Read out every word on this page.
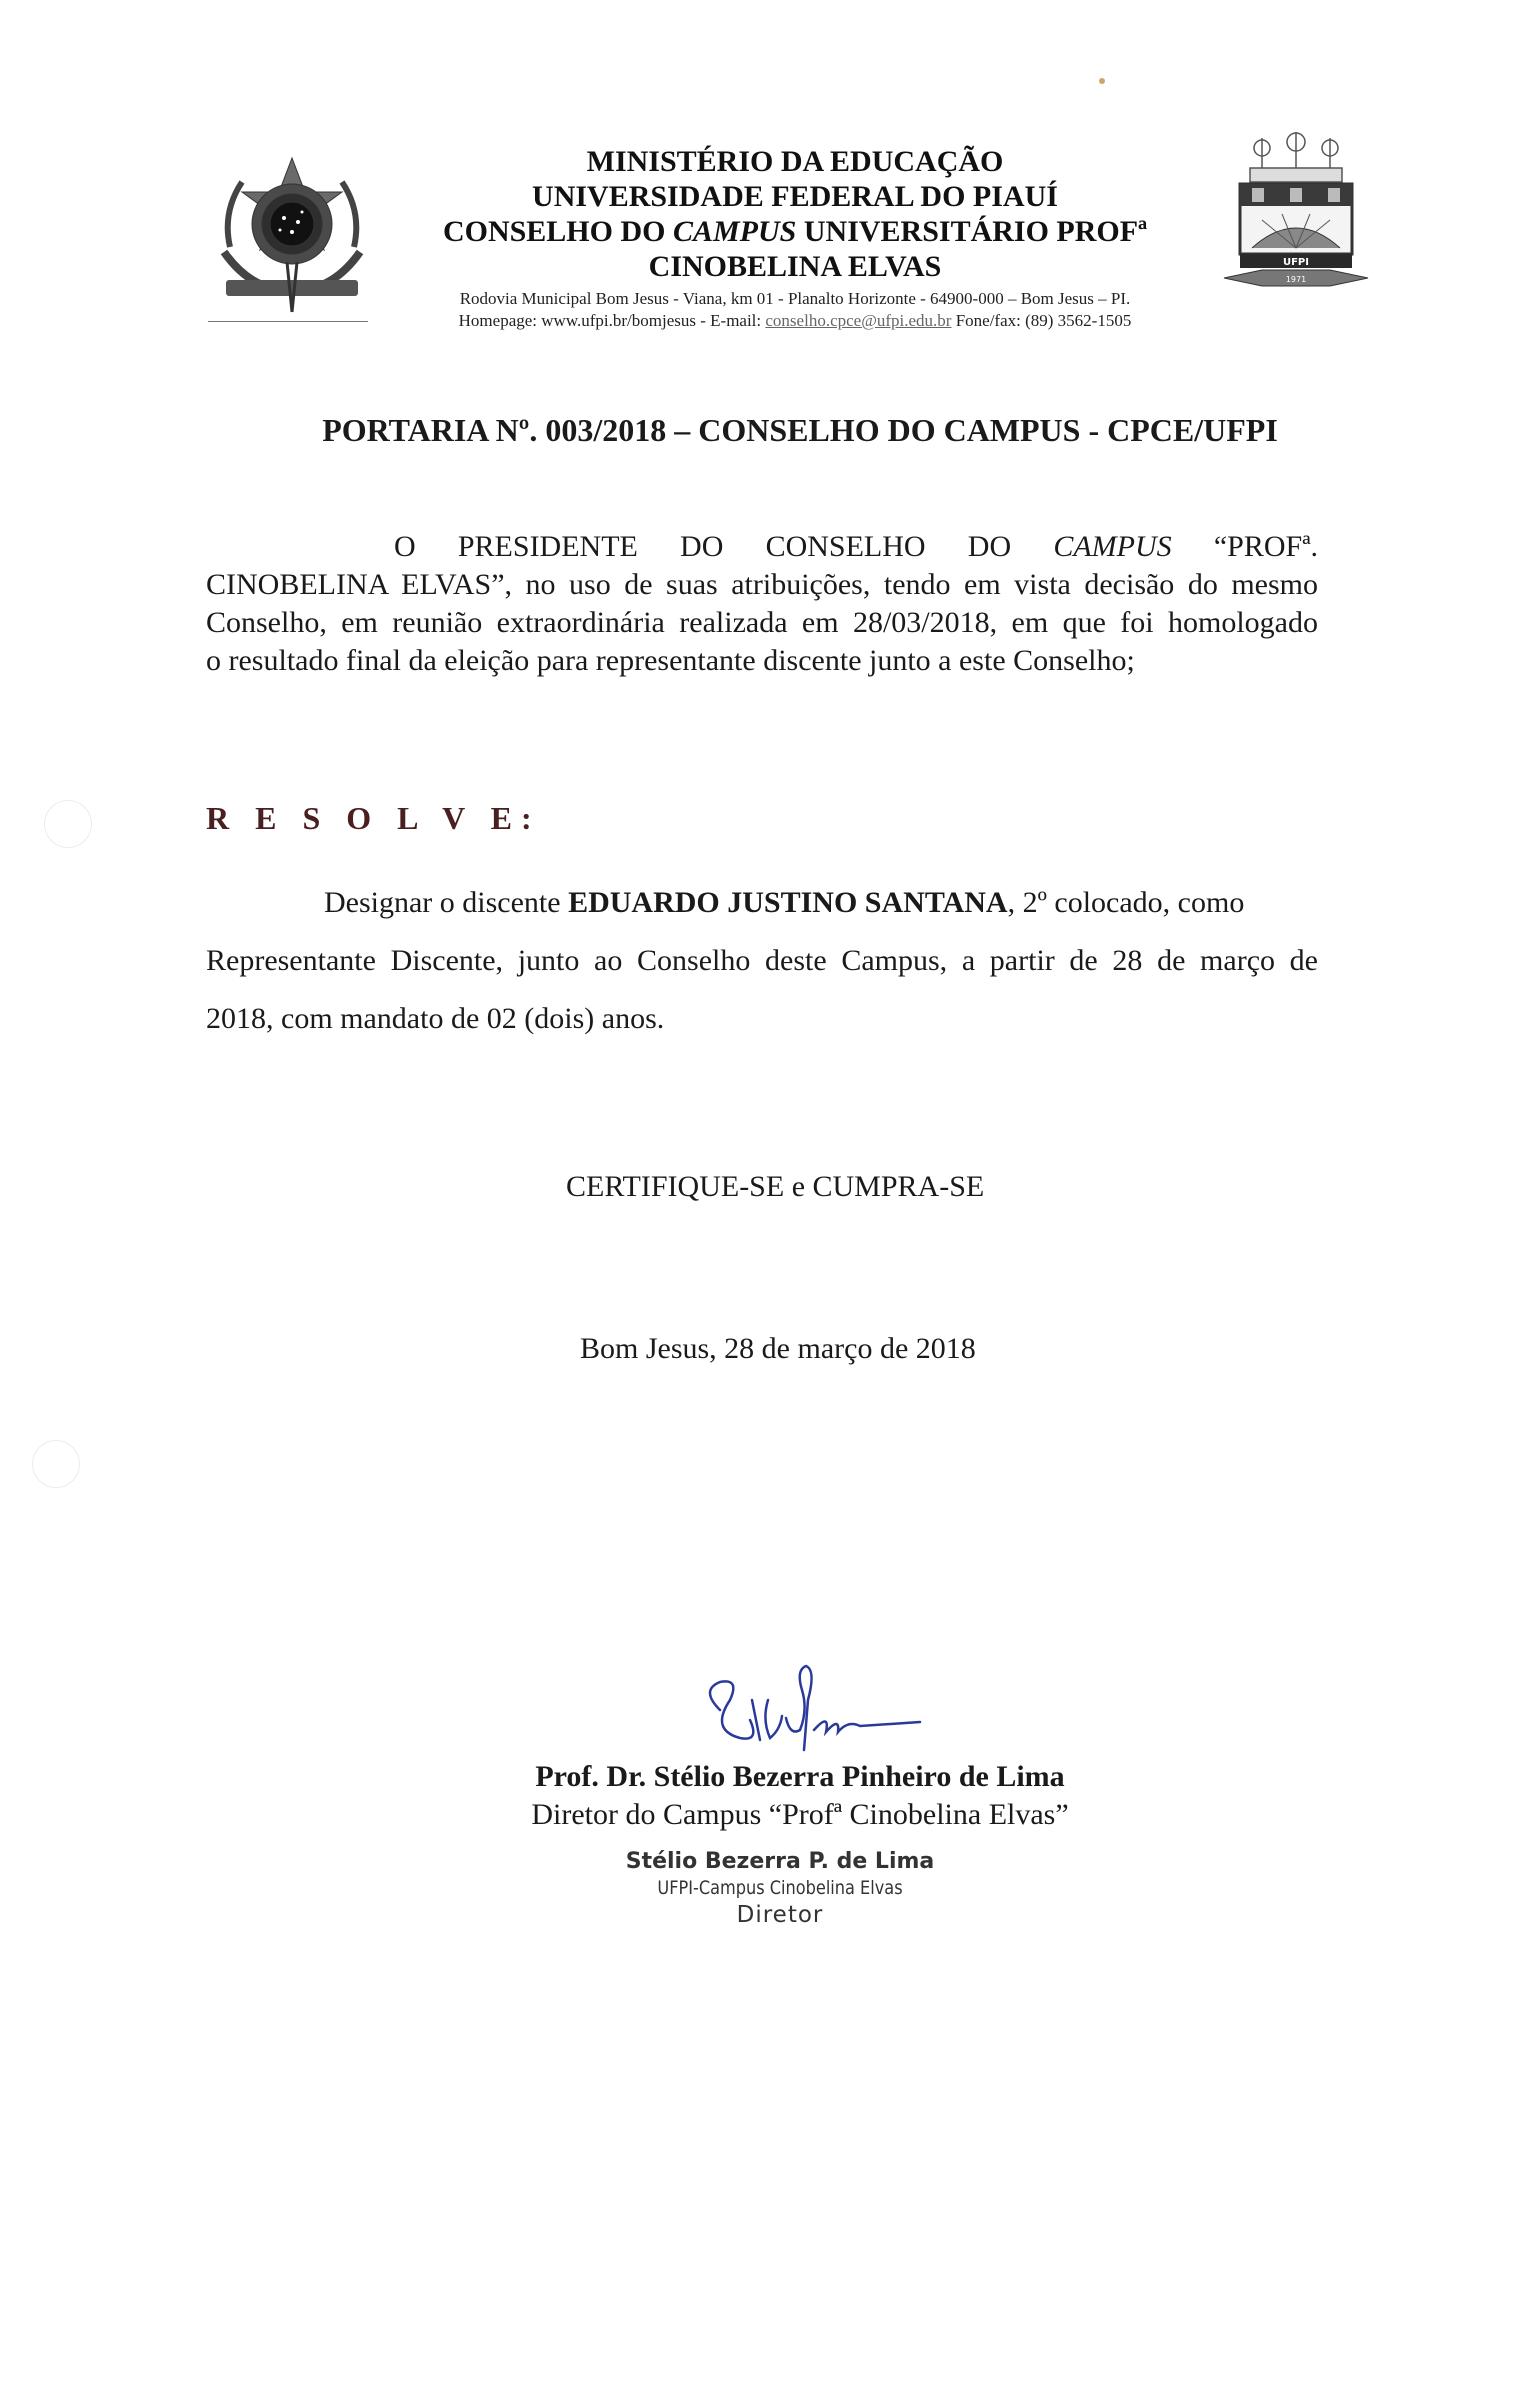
UFPI
1971
MINISTÉRIO DA EDUCAÇÃO
UNIVERSIDADE FEDERAL DO PIAUÍ
CONSELHO DO CAMPUS UNIVERSITÁRIO PROFª
CINOBELINA ELVAS
Rodovia Municipal Bom Jesus - Viana, km 01 - Planalto Horizonte - 64900-000 – Bom Jesus – PI.
Homepage: www.ufpi.br/bomjesus - E-mail: conselho.cpce@ufpi.edu.br Fone/fax: (89) 3562-1505
PORTARIA Nº. 003/2018 – CONSELHO DO CAMPUS - CPCE/UFPI
O PRESIDENTE DO CONSELHO DO CAMPUS “PROFª.
CINOBELINA ELVAS”, no uso de suas atribuições, tendo em vista decisão do mesmo
Conselho, em reunião extraordinária realizada em 28/03/2018, em que foi homologado
o resultado final da eleição para representante discente junto a este Conselho;
R E S O L V E:
Designar o discente EDUARDO JUSTINO SANTANA, 2º colocado, como
Representante Discente, junto ao Conselho deste Campus, a partir de 28 de março de
2018, com mandato de 02 (dois) anos.
CERTIFIQUE-SE e CUMPRA-SE
Bom Jesus, 28 de março de 2018
Prof. Dr. Stélio Bezerra Pinheiro de Lima
Diretor do Campus “Profª Cinobelina Elvas”
Stélio Bezerra P. de Lima
UFPI-Campus Cinobelina Elvas
Diretor
